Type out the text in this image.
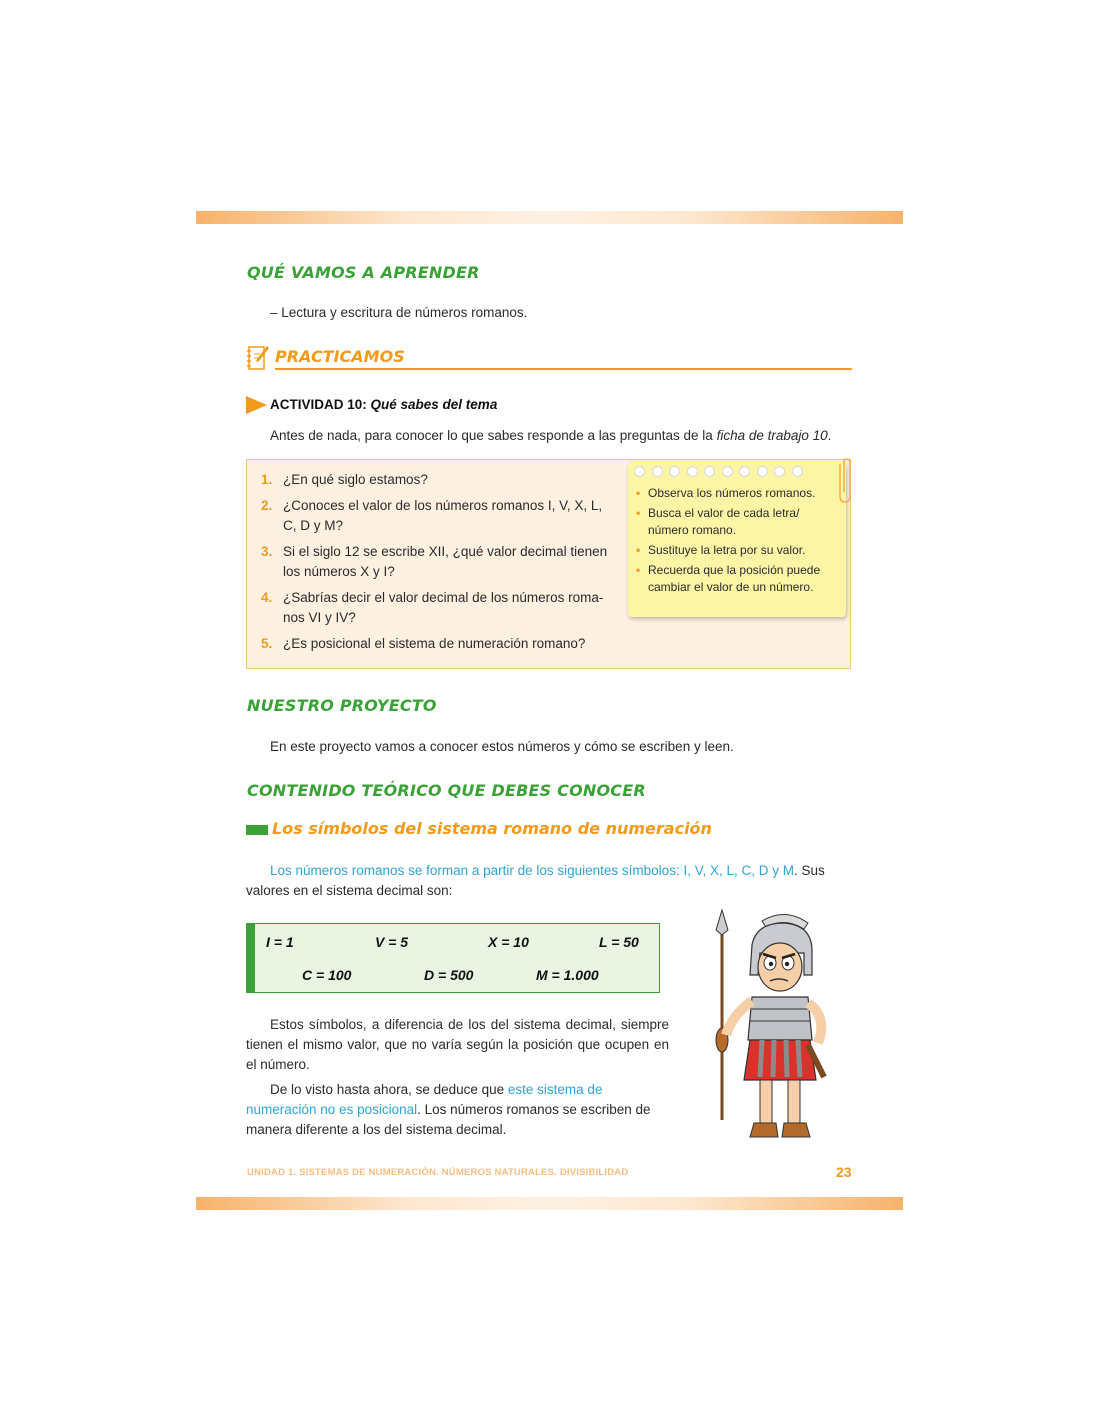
QUÉ VAMOS A APRENDER

– Lectura y escritura de números romanos.

PRACTICAMOS

ACTIVIDAD 10: Qué sabes del tema

Antes de nada, para conocer lo que sabes responde a las preguntas de la ficha de trabajo 10.

1. ¿En qué siglo estamos?
2. ¿Conoces el valor de los números romanos I, V, X, L, C, D y M?
3. Si el siglo 12 se escribe XII, ¿qué valor decimal tienen los números X y I?
4. ¿Sabrías decir el valor decimal de los números roma-nos VI y IV?
5. ¿Es posicional el sistema de numeración romano?
• Observa los números romanos.
• Busca el valor de cada letra/ número romano.
• Sustituye la letra por su valor.
• Recuerda que la posición puede cambiar el valor de un número.
NUESTRO PROYECTO

En este proyecto vamos a conocer estos números y cómo se escriben y leen.

CONTENIDO TEÓRICO QUE DEBES CONOCER
Los símbolos del sistema romano de numeración

Los números romanos se forman a partir de los siguientes símbolos: I, V, X, L, C, D y M. Sus valores en el sistema decimal son:

I = 1	V = 5	X = 10	L = 50
C = 100	D = 500	M = 1.000

Estos símbolos, a diferencia de los del sistema decimal, siempre tienen el mismo valor, que no varía según la posición que ocupen en el número.

De lo visto hasta ahora, se deduce que este sistema de numeración no es posicional. Los números romanos se escriben de manera diferente a los del sistema decimal.

UNIDAD 1. SISTEMAS DE NUMERACIÓN. NÚMEROS NATURALES. DIVISIBILIDAD	23
